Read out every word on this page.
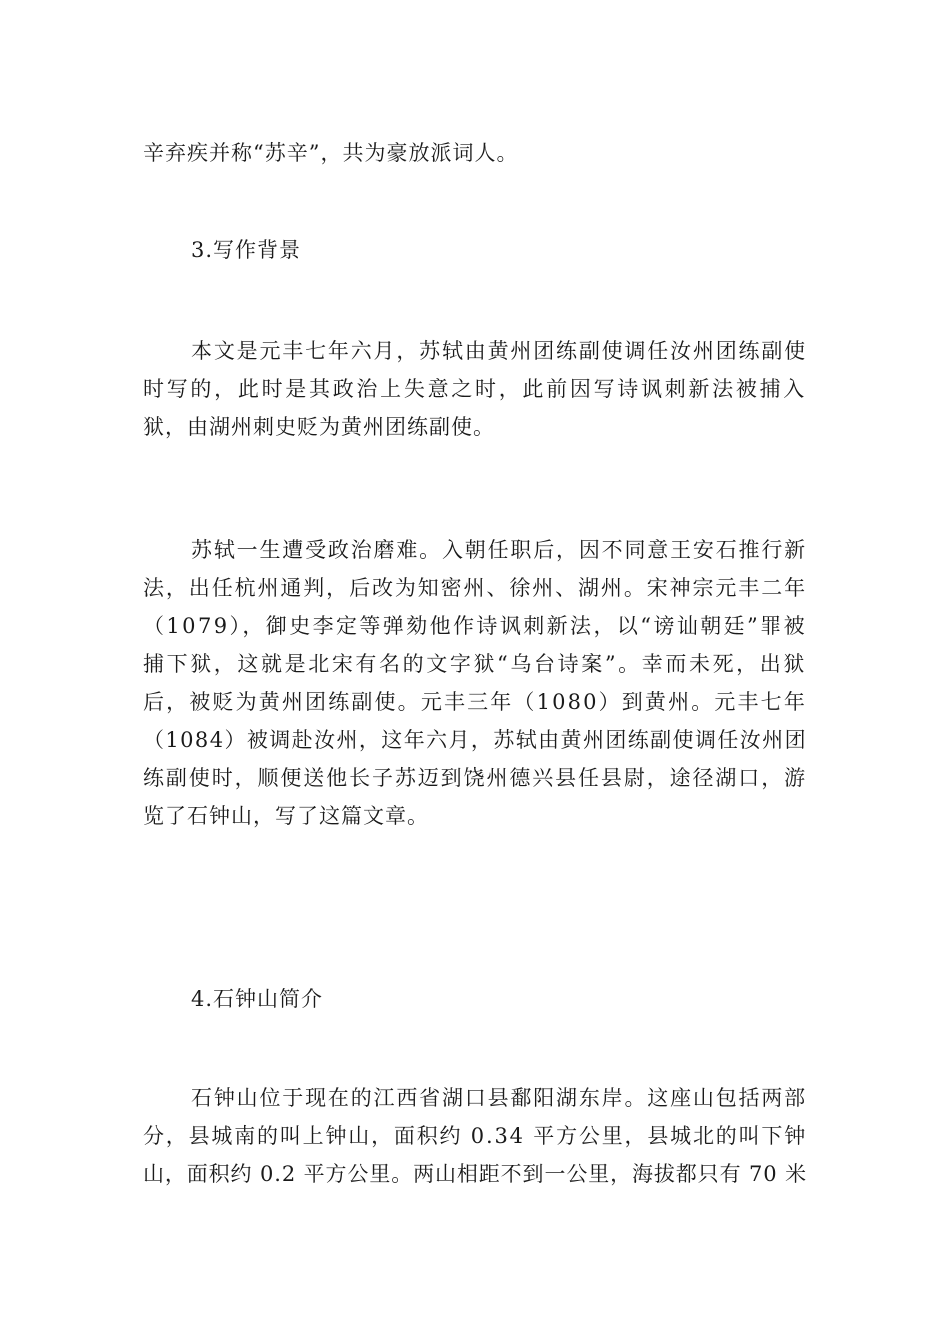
辛弃疾并称“苏辛”，共为豪放派词人。
3.写作背景
本文是元丰七年六月，苏轼由黄州团练副使调任汝州团练副使
时写的，此时是其政治上失意之时，此前因写诗讽刺新法被捕入
狱，由湖州刺史贬为黄州团练副使。
苏轼一生遭受政治磨难。入朝任职后，因不同意王安石推行新
法，出任杭州通判，后改为知密州、徐州、湖州。宋神宗元丰二年
（1079），御史李定等弹劾他作诗讽刺新法，以“谤讪朝廷”罪被
捕下狱，这就是北宋有名的文字狱“乌台诗案”。幸而未死，出狱
后，被贬为黄州团练副使。元丰三年（1080）到黄州。元丰七年
（1084）被调赴汝州，这年六月，苏轼由黄州团练副使调任汝州团
练副使时，顺便送他长子苏迈到饶州德兴县任县尉，途径湖口，游
览了石钟山，写了这篇文章。
4.石钟山简介
石钟山位于现在的江西省湖口县鄱阳湖东岸。这座山包括两部
分，县城南的叫上钟山，面积约 0.34 平方公里，县城北的叫下钟
山，面积约 0.2 平方公里。两山相距不到一公里，海拔都只有 70 米
